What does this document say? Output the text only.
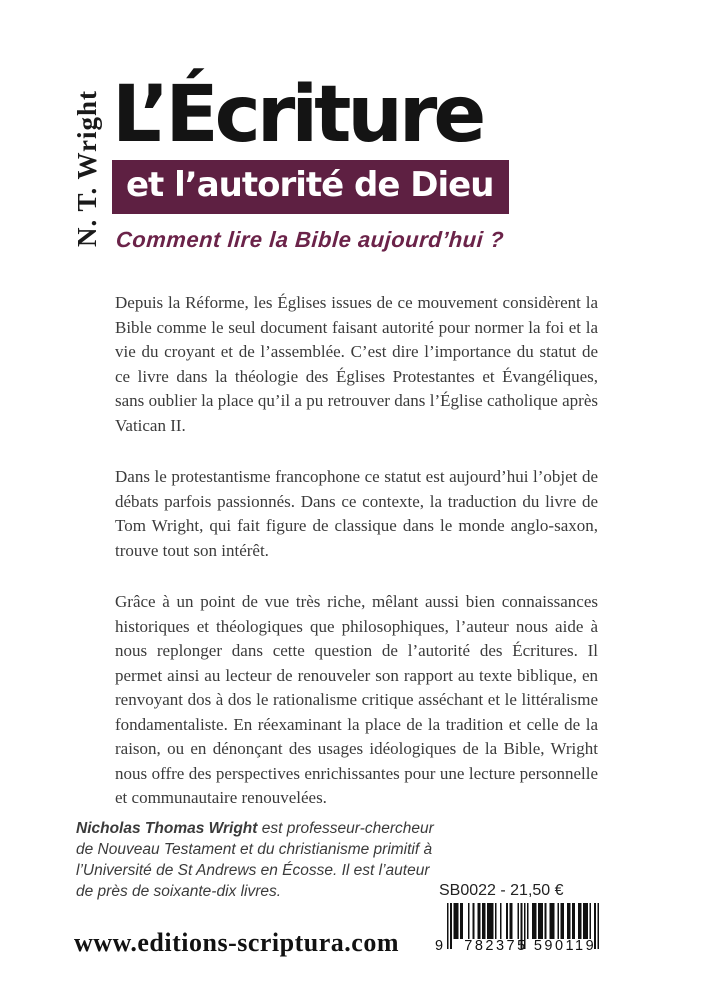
N. T. Wright L’Écriture
et l’autorité de Dieu
Comment lire la Bible aujourd’hui ?

Depuis la Réforme, les Églises issues de ce mouvement considèrent la Bible comme le seul document faisant autorité pour normer la foi et la vie du croyant et de l’assemblée. C’est dire l’importance du statut de ce livre dans la théologie des Églises Protestantes et Évangéliques, sans oublier la place qu’il a pu retrouver dans l’Église catholique après Vatican II.

Dans le protestantisme francophone ce statut est aujourd’hui l’objet de débats parfois passionnés. Dans ce contexte, la traduction du livre de Tom Wright, qui fait figure de classique dans le monde anglo-saxon, trouve tout son intérêt.

Grâce à un point de vue très riche, mêlant aussi bien connaissances historiques et théologiques que philosophiques, l’auteur nous aide à nous replonger dans cette question de l’autorité des Écritures. Il permet ainsi au lecteur de renouveler son rapport au texte biblique, en renvoyant dos à dos le rationalisme critique asséchant et le littéralisme fondamentaliste. En réexaminant la place de la tradition et celle de la raison, ou en dénonçant des usages idéologiques de la Bible, Wright nous offre des perspectives enrichissantes pour une lecture personnelle et communautaire renouvelées.

Nicholas Thomas Wright est professeur-chercheur de Nouveau Testament et du christianisme primitif à l’Université de St Andrews en Écosse. Il est l’auteur de près de soixante-dix livres.	SB0022 - 21,50 €
9	782375 590119
www.editions-scriptura.com
